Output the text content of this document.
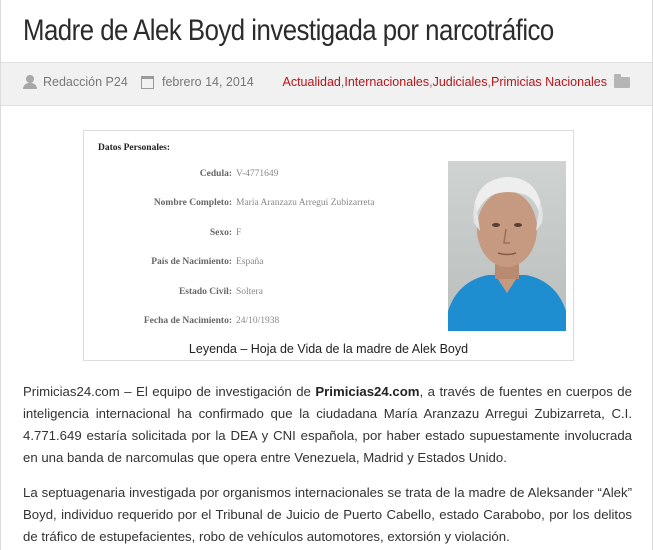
Madre de Alek Boyd investigada por narcotráfico
Redacción P24	febrero 14, 2014 Actualidad , Internacionales , Judiciales , Primicias Nacionales
Datos Personales:
Cedula: V-4771649
Nombre Completo: Maria Aranzazu Arregui Zubizarreta
Sexo: F
País de Nacimiento: España
Estado Civil: Soltera
Fecha de Nacimiento: 24/10/1938
Leyenda – Hoja de Vida de la madre de Alek Boyd

Primicias24.com – El equipo de investigación de Primicias24.com, a través de fuentes en cuerpos de inteligencia internacional ha confirmado que la ciudadana María Aranzazu Arregui Zubizarreta, C.I. 4.771.649 estaría solicitada por la DEA y CNI española, por haber estado supuestamente involucrada en una banda de narcomulas que opera entre Venezuela, Madrid y Estados Unido.

La septuagenaria investigada por organismos internacionales se trata de la madre de Aleksander “Alek” Boyd, individuo requerido por el Tribunal de Juicio de Puerto Cabello, estado Carabobo, por los delitos de tráfico de estupefacientes, robo de vehículos automotores, extorsión y violación.
